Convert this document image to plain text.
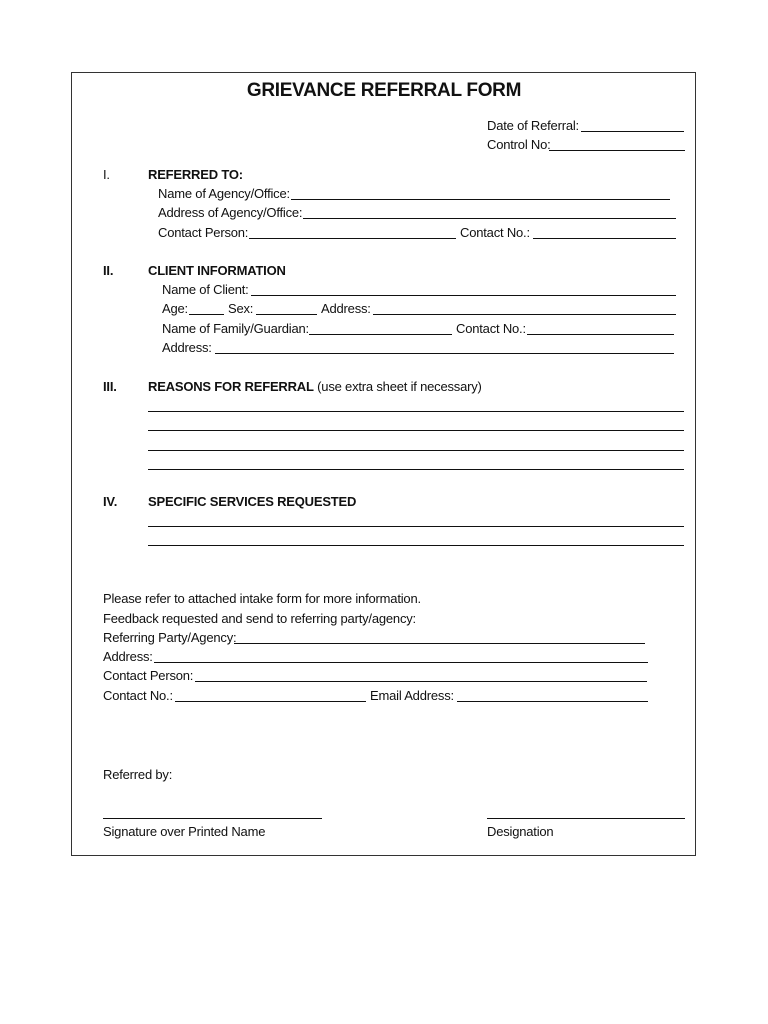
GRIEVANCE REFERRAL FORM
Date of Referral:
Control No:
I.	REFERRED TO:
Name of Agency/Office:
Address of Agency/Office:
Contact Person:	Contact No.:
II.	CLIENT INFORMATION
Name of Client:
Age:	Sex:	Address:
Name of Family/Guardian:	Contact No.:
Address:
III. REASONS FOR REFERRAL (use extra sheet if necessary)
IV. SPECIFIC SERVICES REQUESTED
Please refer to attached intake form for more information.
Feedback requested and send to referring party/agency:
Referring Party/Agency:
Address:
Contact Person:
Contact No.:	Email Address:
Referred by:
Signature over Printed Name	Designation
